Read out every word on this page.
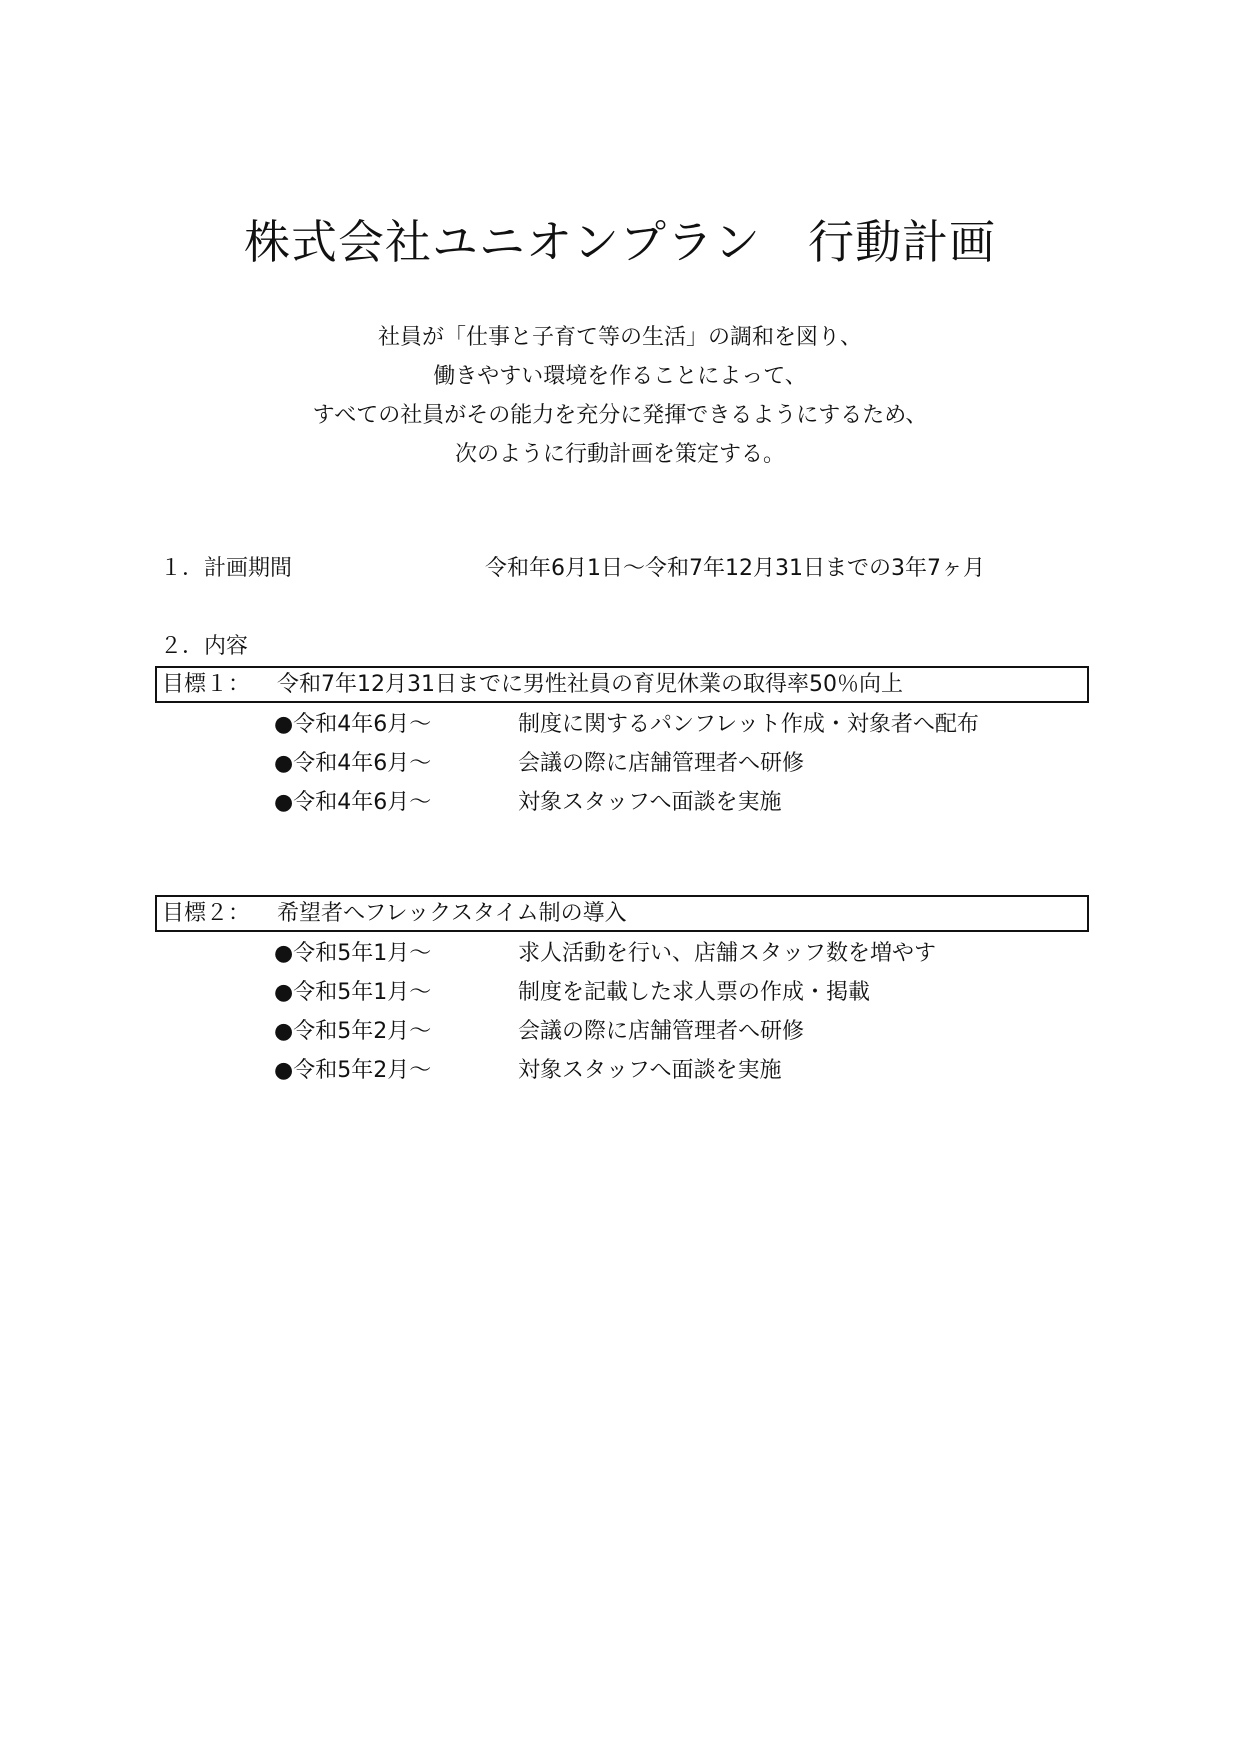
株式会社ユニオンプラン　行動計画
社員が「仕事と子育て等の生活」の調和を図り、
働きやすい環境を作ることによって、
すべての社員がその能力を充分に発揮できるようにするため、
次のように行動計画を策定する。
１．計画期間	令和年6月1日～令和7年12月31日までの3年7ヶ月
２．内容
目標１： 令和7年12月31日までに男性社員の育児休業の取得率50％向上
●令和4年6月～	制度に関するパンフレット作成・対象者へ配布
●令和4年6月～	会議の際に店舗管理者へ研修
●令和4年6月～	対象スタッフへ面談を実施
目標２： 希望者へフレックスタイム制の導入
●令和5年1月～	求人活動を行い、店舗スタッフ数を増やす
●令和5年1月～	制度を記載した求人票の作成・掲載
●令和5年2月～	会議の際に店舗管理者へ研修
●令和5年2月～	対象スタッフへ面談を実施
